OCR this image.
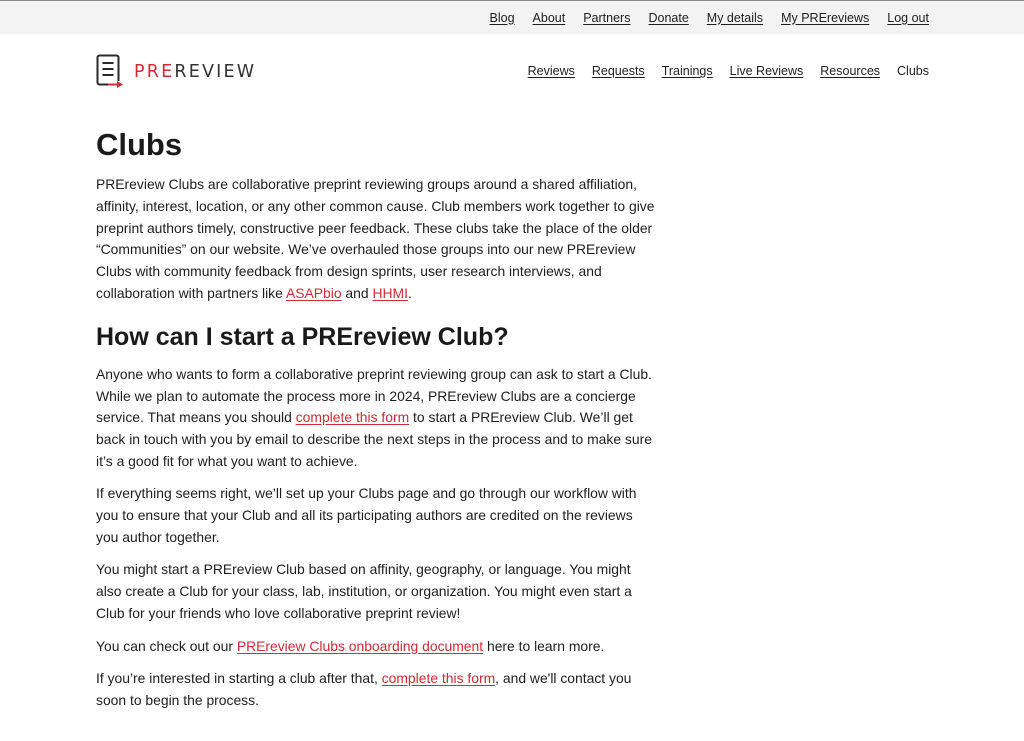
Blog About Partners Donate My details My PREreviews Log out
PREREVIEW	Reviews Requests Trainings Live Reviews Resources Clubs
Clubs

PREreview Clubs are collaborative preprint reviewing groups around a shared affiliation, affinity, interest, location, or any other common cause. Club members work together to give preprint authors timely, constructive peer feedback. These clubs take the place of the older “Communities” on our website. We’ve overhauled those groups into our new PREreview Clubs with community feedback from design sprints, user research interviews, and collaboration with partners like ASAPbio and HHMI.

How can I start a PREreview Club?

Anyone who wants to form a collaborative preprint reviewing group can ask to start a Club. While we plan to automate the process more in 2024, PREreview Clubs are a concierge service. That means you should complete this form to start a PREreview Club. We’ll get back in touch with you by email to describe the next steps in the process and to make sure it’s a good fit for what you want to achieve.

If everything seems right, we’ll set up your Clubs page and go through our workflow with you to ensure that your Club and all its participating authors are credited on the reviews you author together.

You might start a PREreview Club based on affinity, geography, or language. You might also create a Club for your class, lab, institution, or organization. You might even start a Club for your friends who love collaborative preprint review!

You can check out our PREreview Clubs onboarding document here to learn more.

If you’re interested in starting a club after that, complete this form, and we'll contact you soon to begin the process.
